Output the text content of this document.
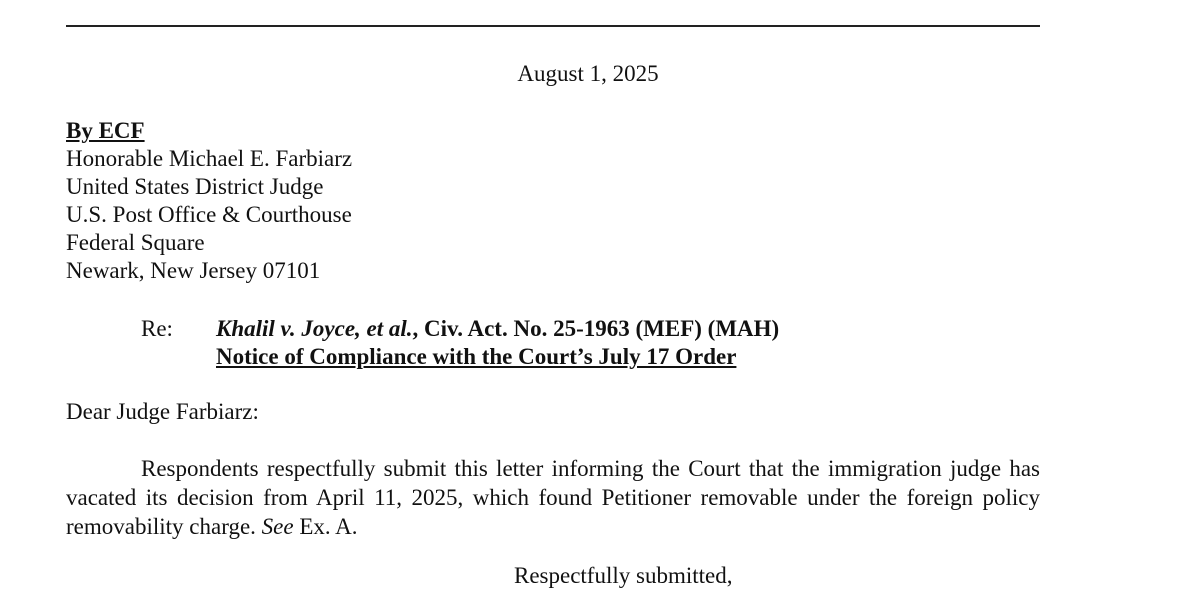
August 1, 2025
By ECF
Honorable Michael E. Farbiarz
United States District Judge
U.S. Post Office & Courthouse
Federal Square
Newark, New Jersey 07101
Re: Khalil v. Joyce, et al., Civ. Act. No. 25-1963 (MEF) (MAH)
Notice of Compliance with the Court’s July 17 Order
Dear Judge Farbiarz:
Respondents respectfully submit this letter informing the Court that the immigration judge has vacated its decision from April 11, 2025, which found Petitioner removable under the foreign policy removability charge. See Ex. A.
Respectfully submitted,
